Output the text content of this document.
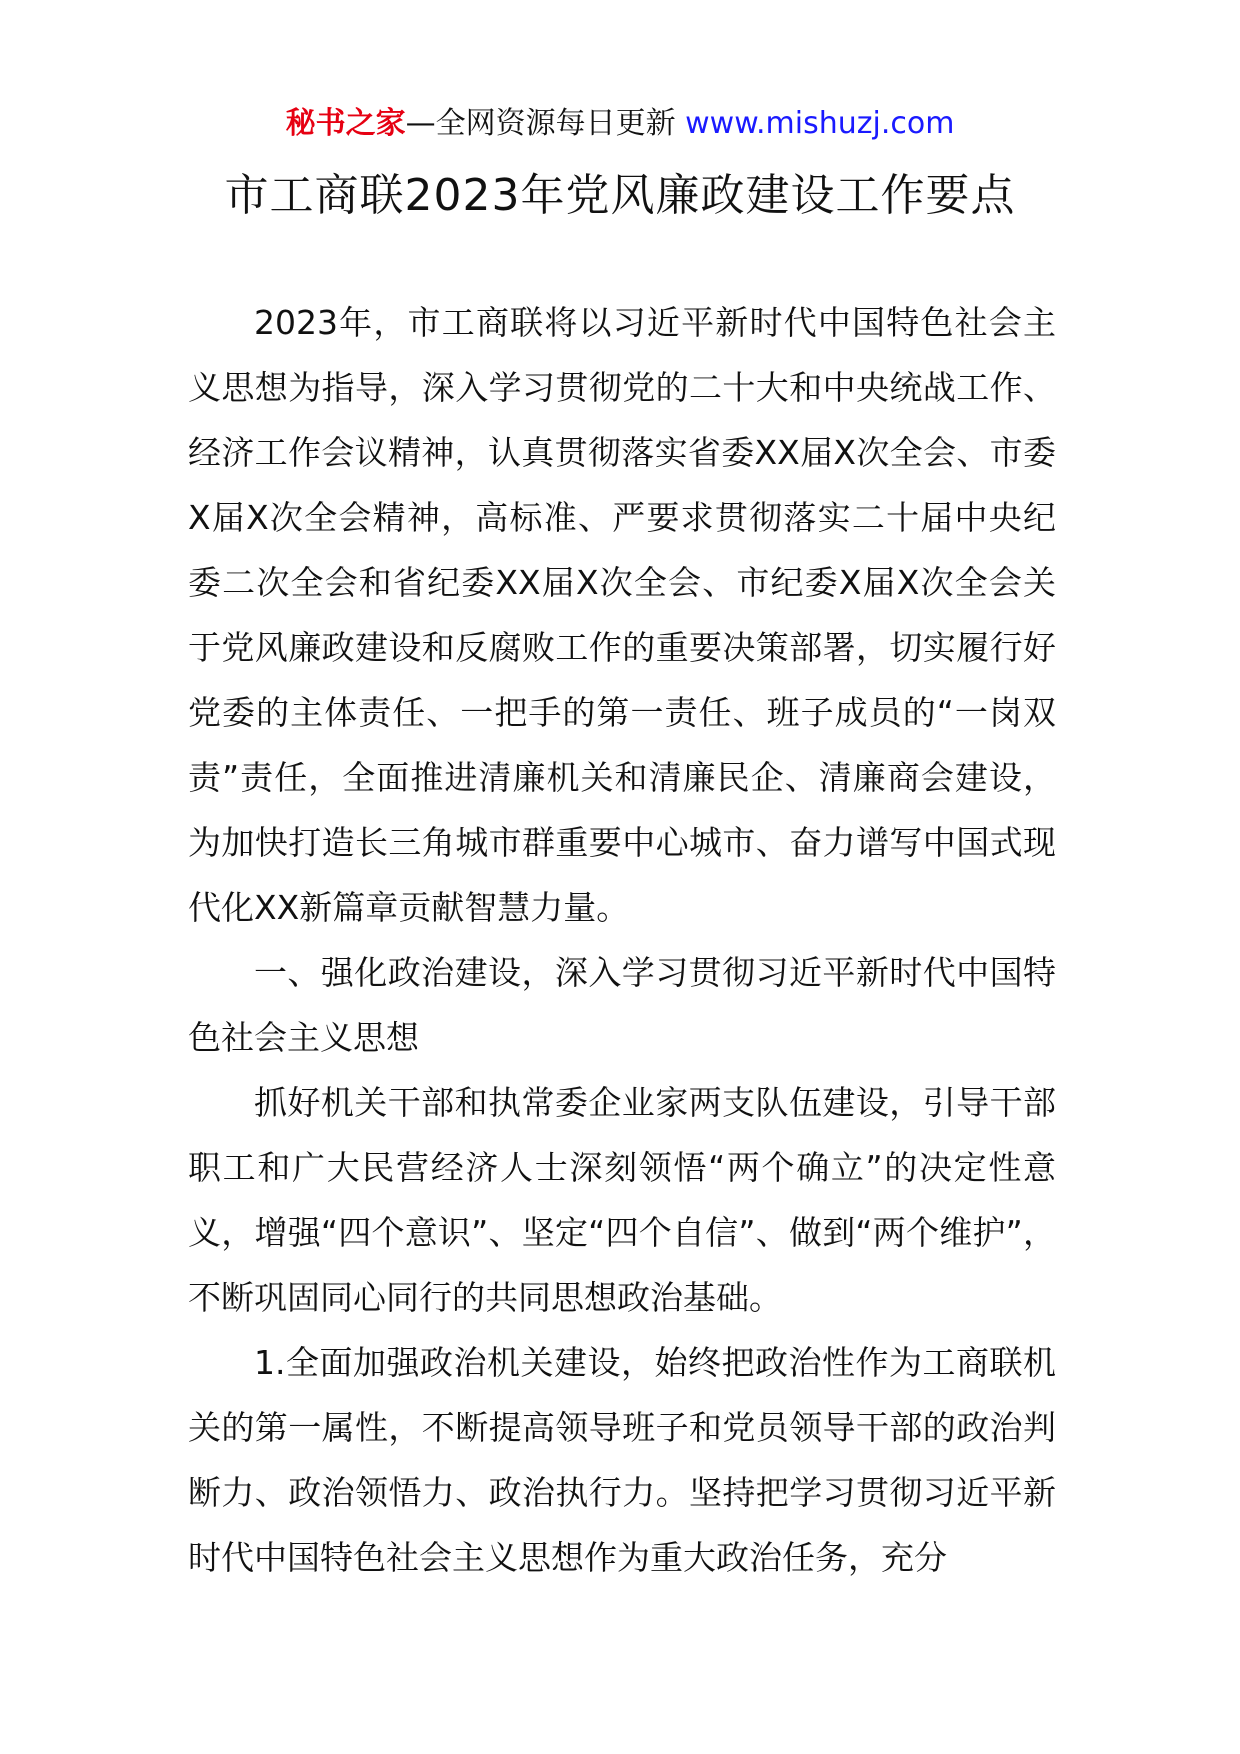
秘书之家—全网资源每日更新 www.mishuzj.com
市工商联2023年党风廉政建设工作要点

2023年，市工商联将以习近平新时代中国特色社会主义思想为指导，深入学习贯彻党的二十大和中央统战工作、经济工作会议精神，认真贯彻落实省委XX届X次全会、市委X届X次全会精神，高标准、严要求贯彻落实二十届中央纪委二次全会和省纪委XX届X次全会、市纪委X届X次全会关于党风廉政建设和反腐败工作的重要决策部署，切实履行好党委的主体责任、一把手的第一责任、班子成员的“一岗双责”责任，全面推进清廉机关和清廉民企、清廉商会建设，为加快打造长三角城市群重要中心城市、奋力谱写中国式现代化XX新篇章贡献智慧力量。

一、强化政治建设，深入学习贯彻习近平新时代中国特色社会主义思想

抓好机关干部和执常委企业家两支队伍建设，引导干部职工和广大民营经济人士深刻领悟“两个确立”的决定性意义，增强“四个意识”、坚定“四个自信”、做到“两个维护”，不断巩固同心同行的共同思想政治基础。

1.全面加强政治机关建设，始终把政治性作为工商联机关的第一属性，不断提高领导班子和党员领导干部的政治判断力、政治领悟力、政治执行力。坚持把学习贯彻习近平新时代中国特色社会主义思想作为重大政治任务，充分
